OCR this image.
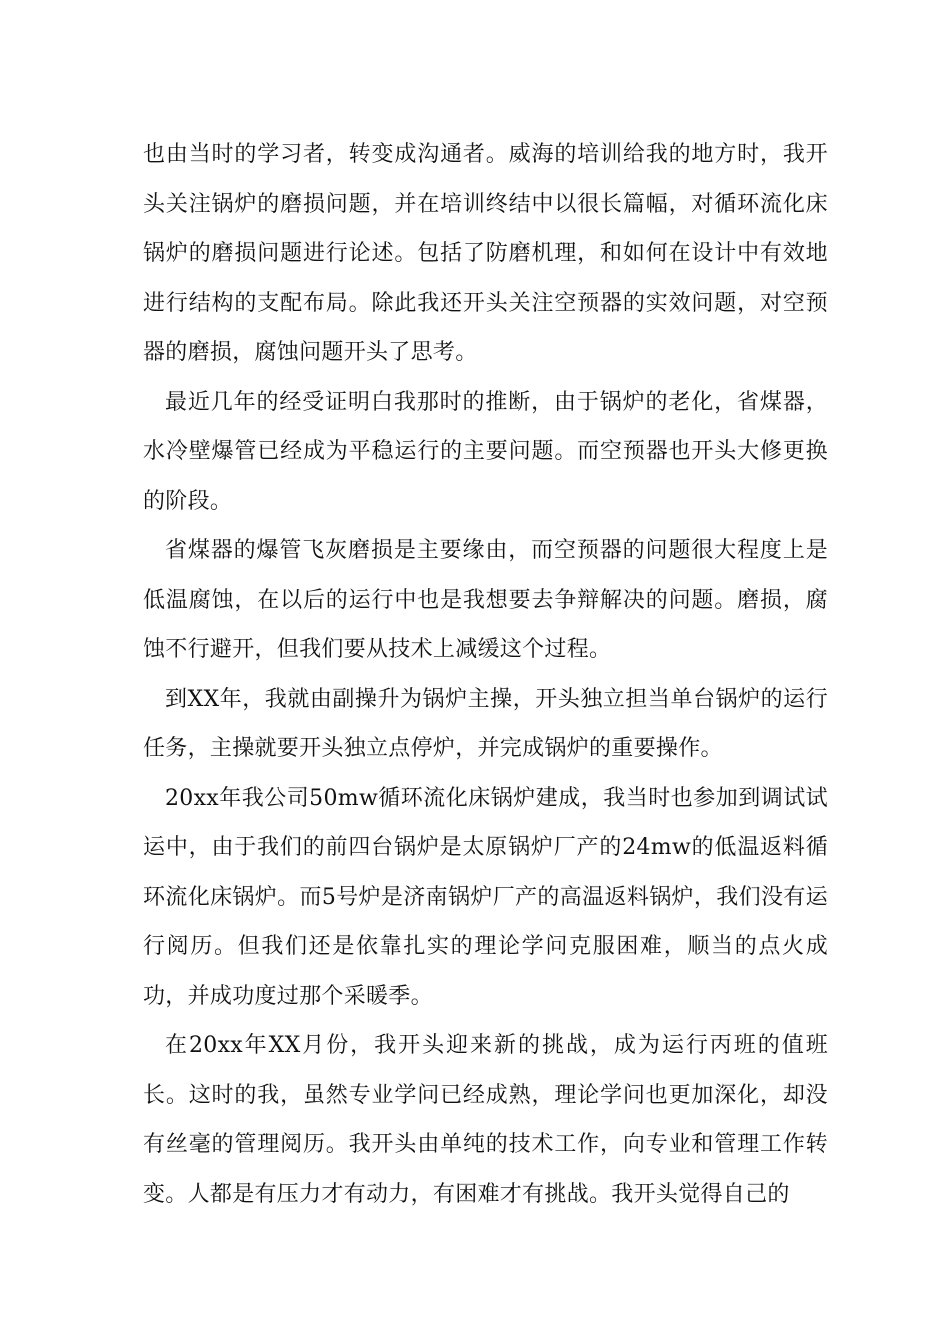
也由当时的学习者，转变成沟通者。威海的培训给我的地方时，我开头关注锅炉的磨损问题，并在培训终结中以很长篇幅，对循环流化床锅炉的磨损问题进行论述。包括了防磨机理，和如何在设计中有效地进行结构的支配布局。除此我还开头关注空预器的实效问题，对空预器的磨损，腐蚀问题开头了思考。

最近几年的经受证明白我那时的推断，由于锅炉的老化，省煤器，水冷壁爆管已经成为平稳运行的主要问题。而空预器也开头大修更换的阶段。

省煤器的爆管飞灰磨损是主要缘由，而空预器的问题很大程度上是低温腐蚀，在以后的运行中也是我想要去争辩解决的问题。磨损，腐蚀不行避开，但我们要从技术上减缓这个过程。

到XX年，我就由副操升为锅炉主操，开头独立担当单台锅炉的运行任务，主操就要开头独立点停炉，并完成锅炉的重要操作。

20xx年我公司50mw循环流化床锅炉建成，我当时也参加到调试试运中，由于我们的前四台锅炉是太原锅炉厂产的24mw的低温返料循环流化床锅炉。而5号炉是济南锅炉厂产的高温返料锅炉，我们没有运行阅历。但我们还是依靠扎实的理论学问克服困难，顺当的点火成功，并成功度过那个采暖季。

在20xx年XX月份，我开头迎来新的挑战，成为运行丙班的值班长。这时的我，虽然专业学问已经成熟，理论学问也更加深化，却没有丝毫的管理阅历。我开头由单纯的技术工作，向专业和管理工作转变。人都是有压力才有动力，有困难才有挑战。我开头觉得自己的
